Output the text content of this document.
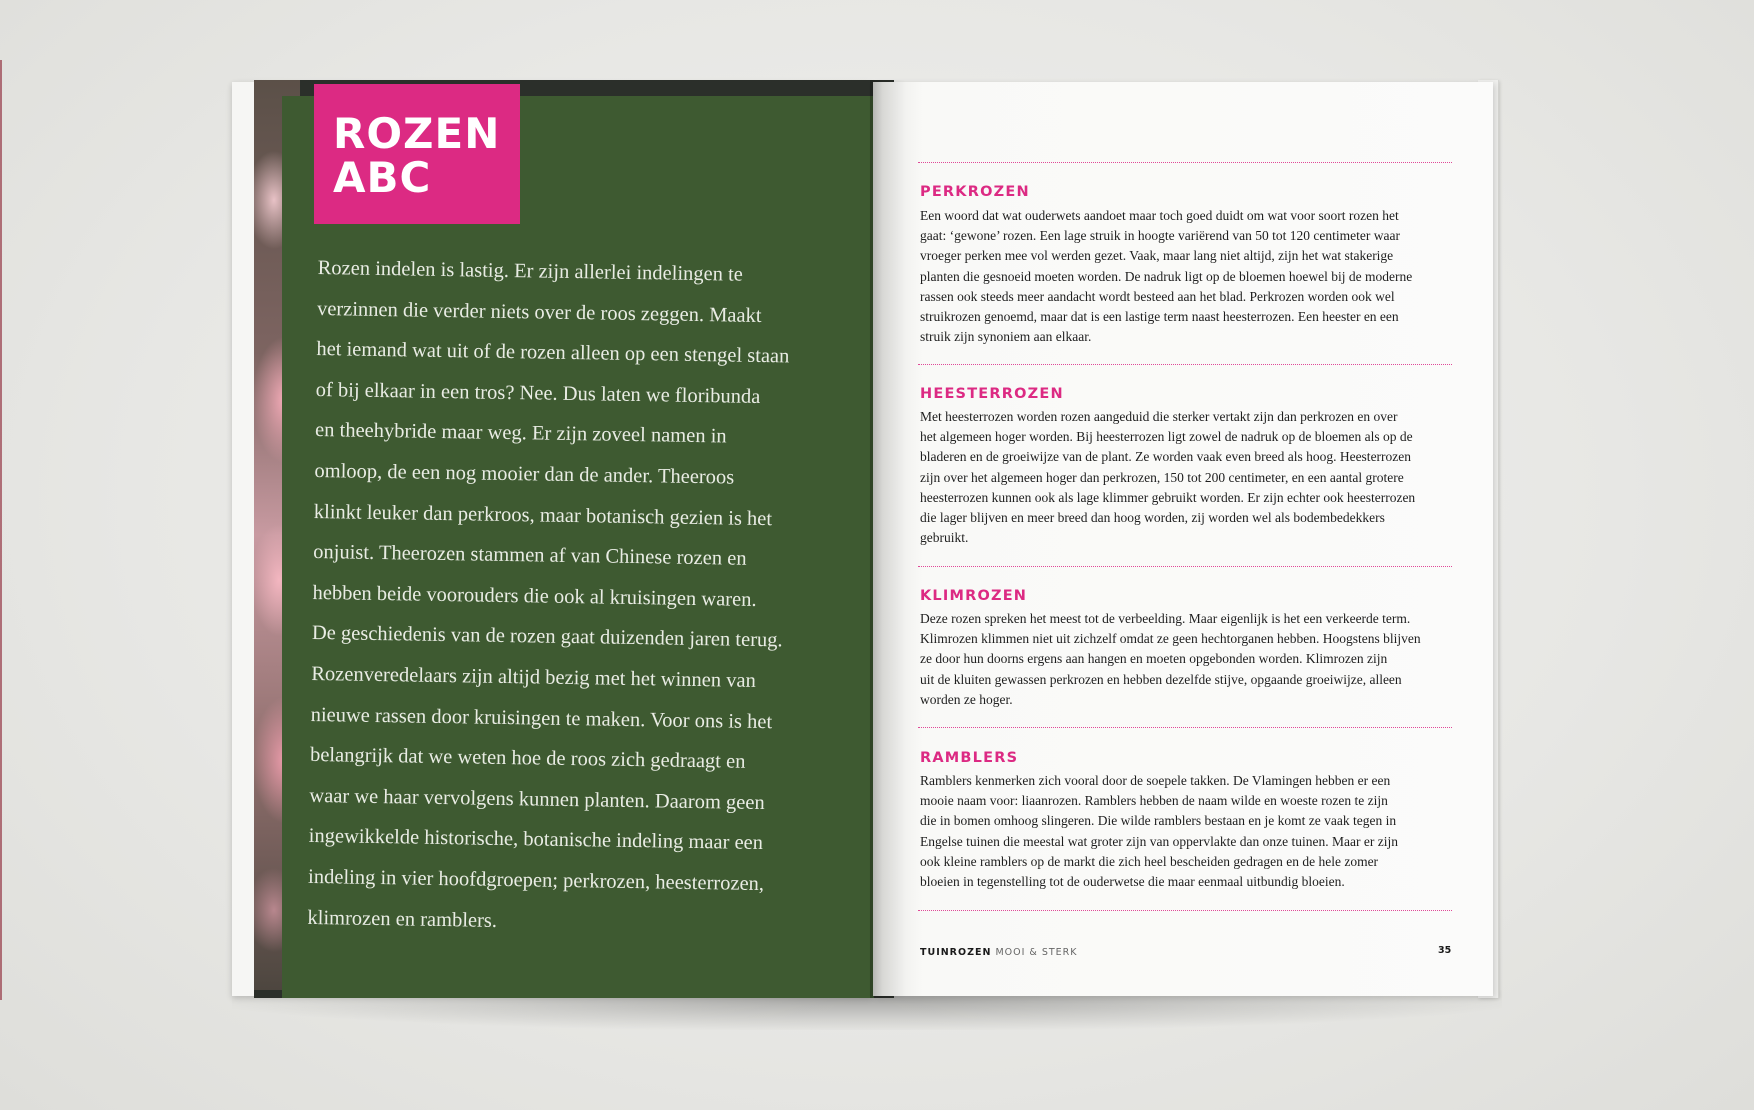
ROZEN
ABC
Rozen indelen is lastig. Er zijn allerlei indelingen te
verzinnen die verder niets over de roos zeggen. Maakt
het iemand wat uit of de rozen alleen op een stengel staan
of bij elkaar in een tros? Nee. Dus laten we floribunda
en theehybride maar weg. Er zijn zoveel namen in
omloop, de een nog mooier dan de ander. Theeroos
klinkt leuker dan perkroos, maar botanisch gezien is het
onjuist. Theerozen stammen af van Chinese rozen en
hebben beide voorouders die ook al kruisingen waren.
De geschiedenis van de rozen gaat duizenden jaren terug.
Rozenveredelaars zijn altijd bezig met het winnen van
nieuwe rassen door kruisingen te maken. Voor ons is het
belangrijk dat we weten hoe de roos zich gedraagt en
waar we haar vervolgens kunnen planten. Daarom geen
ingewikkelde historische, botanische indeling maar een
indeling in vier hoofdgroepen; perkrozen, heesterrozen,
klimrozen en ramblers.
PERKROZEN
Een woord dat wat ouderwets aandoet maar toch goed duidt om wat voor soort rozen het
gaat: ‘gewone’ rozen. Een lage struik in hoogte variërend van 50 tot 120 centimeter waar
vroeger perken mee vol werden gezet. Vaak, maar lang niet altijd, zijn het wat stakerige
planten die gesnoeid moeten worden. De nadruk ligt op de bloemen hoewel bij de moderne
rassen ook steeds meer aandacht wordt besteed aan het blad. Perkrozen worden ook wel
struikrozen genoemd, maar dat is een lastige term naast heesterrozen. Een heester en een
struik zijn synoniem aan elkaar.
HEESTERROZEN
Met heesterrozen worden rozen aangeduid die sterker vertakt zijn dan perkrozen en over
het algemeen hoger worden. Bij heesterrozen ligt zowel de nadruk op de bloemen als op de
bladeren en de groeiwijze van de plant. Ze worden vaak even breed als hoog. Heesterrozen
zijn over het algemeen hoger dan perkrozen, 150 tot 200 centimeter, en een aantal grotere
heesterrozen kunnen ook als lage klimmer gebruikt worden. Er zijn echter ook heesterrozen
die lager blijven en meer breed dan hoog worden, zij worden wel als bodembedekkers
gebruikt.
KLIMROZEN
Deze rozen spreken het meest tot de verbeelding. Maar eigenlijk is het een verkeerde term.
Klimrozen klimmen niet uit zichzelf omdat ze geen hechtorganen hebben. Hoogstens blijven
ze door hun doorns ergens aan hangen en moeten opgebonden worden. Klimrozen zijn
uit de kluiten gewassen perkrozen en hebben dezelfde stijve, opgaande groeiwijze, alleen
worden ze hoger.
RAMBLERS
Ramblers kenmerken zich vooral door de soepele takken. De Vlamingen hebben er een
mooie naam voor: liaanrozen. Ramblers hebben de naam wilde en woeste rozen te zijn
die in bomen omhoog slingeren. Die wilde ramblers bestaan en je komt ze vaak tegen in
Engelse tuinen die meestal wat groter zijn van oppervlakte dan onze tuinen. Maar er zijn
ook kleine ramblers op de markt die zich heel bescheiden gedragen en de hele zomer
bloeien in tegenstelling tot de ouderwetse die maar eenmaal uitbundig bloeien.
TUINROZEN MOOI & STERK	35
